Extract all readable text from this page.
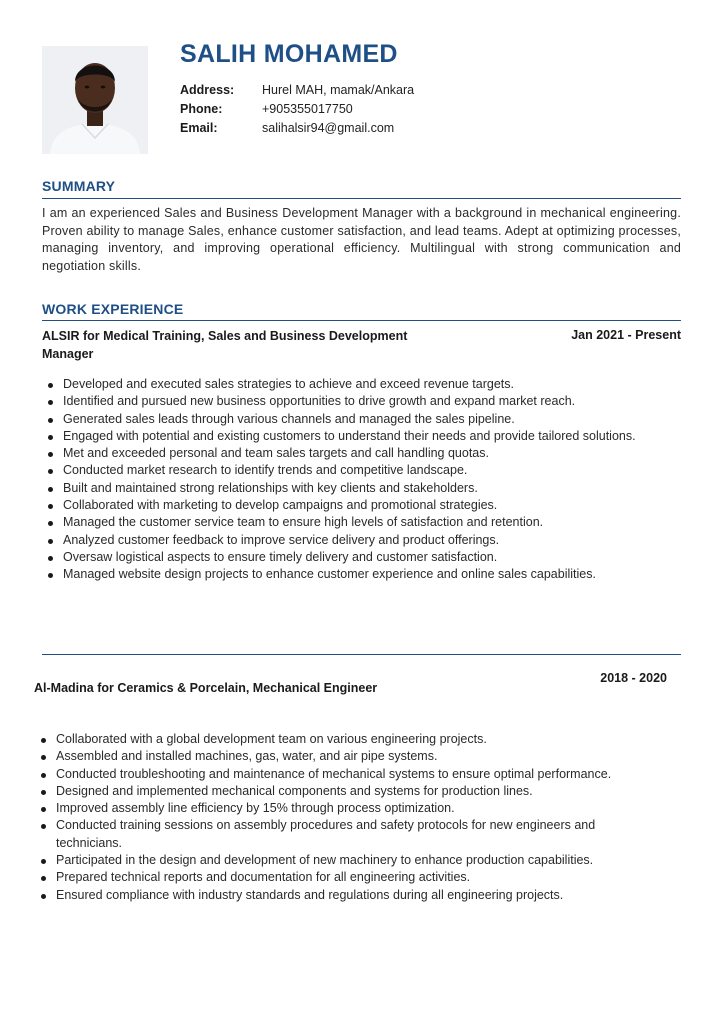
SALIH MOHAMED
Address:	Hurel MAH, mamak/Ankara
Phone:	+905355017750
Email:	salihalsir94@gmail.com
SUMMARY

I am an experienced Sales and Business Development Manager with a background in mechanical engineering. Proven ability to manage Sales, enhance customer satisfaction, and lead teams. Adept at optimizing processes, managing inventory, and improving operational efficiency. Multilingual with strong communication and negotiation skills.

WORK EXPERIENCE
ALSIR for Medical Training, Sales and Business Development Manager
Jan 2021 - Present
Developed and executed sales strategies to achieve and exceed revenue targets.
Identified and pursued new business opportunities to drive growth and expand market reach.
Generated sales leads through various channels and managed the sales pipeline.
Engaged with potential and existing customers to understand their needs and provide tailored solutions.
Met and exceeded personal and team sales targets and call handling quotas.
Conducted market research to identify trends and competitive landscape.
Built and maintained strong relationships with key clients and stakeholders.
Collaborated with marketing to develop campaigns and promotional strategies.
Managed the customer service team to ensure high levels of satisfaction and retention.
Analyzed customer feedback to improve service delivery and product offerings.
Oversaw logistical aspects to ensure timely delivery and customer satisfaction.
Managed website design projects to enhance customer experience and online sales capabilities.
Al-Madina for Ceramics & Porcelain, Mechanical Engineer
2018 - 2020
Collaborated with a global development team on various engineering projects.
Assembled and installed machines, gas, water, and air pipe systems.
Conducted troubleshooting and maintenance of mechanical systems to ensure optimal performance.
Designed and implemented mechanical components and systems for production lines.
Improved assembly line efficiency by 15% through process optimization.
Conducted training sessions on assembly procedures and safety protocols for new engineers and technicians.
Participated in the design and development of new machinery to enhance production capabilities.
Prepared technical reports and documentation for all engineering activities.
Ensured compliance with industry standards and regulations during all engineering projects.
